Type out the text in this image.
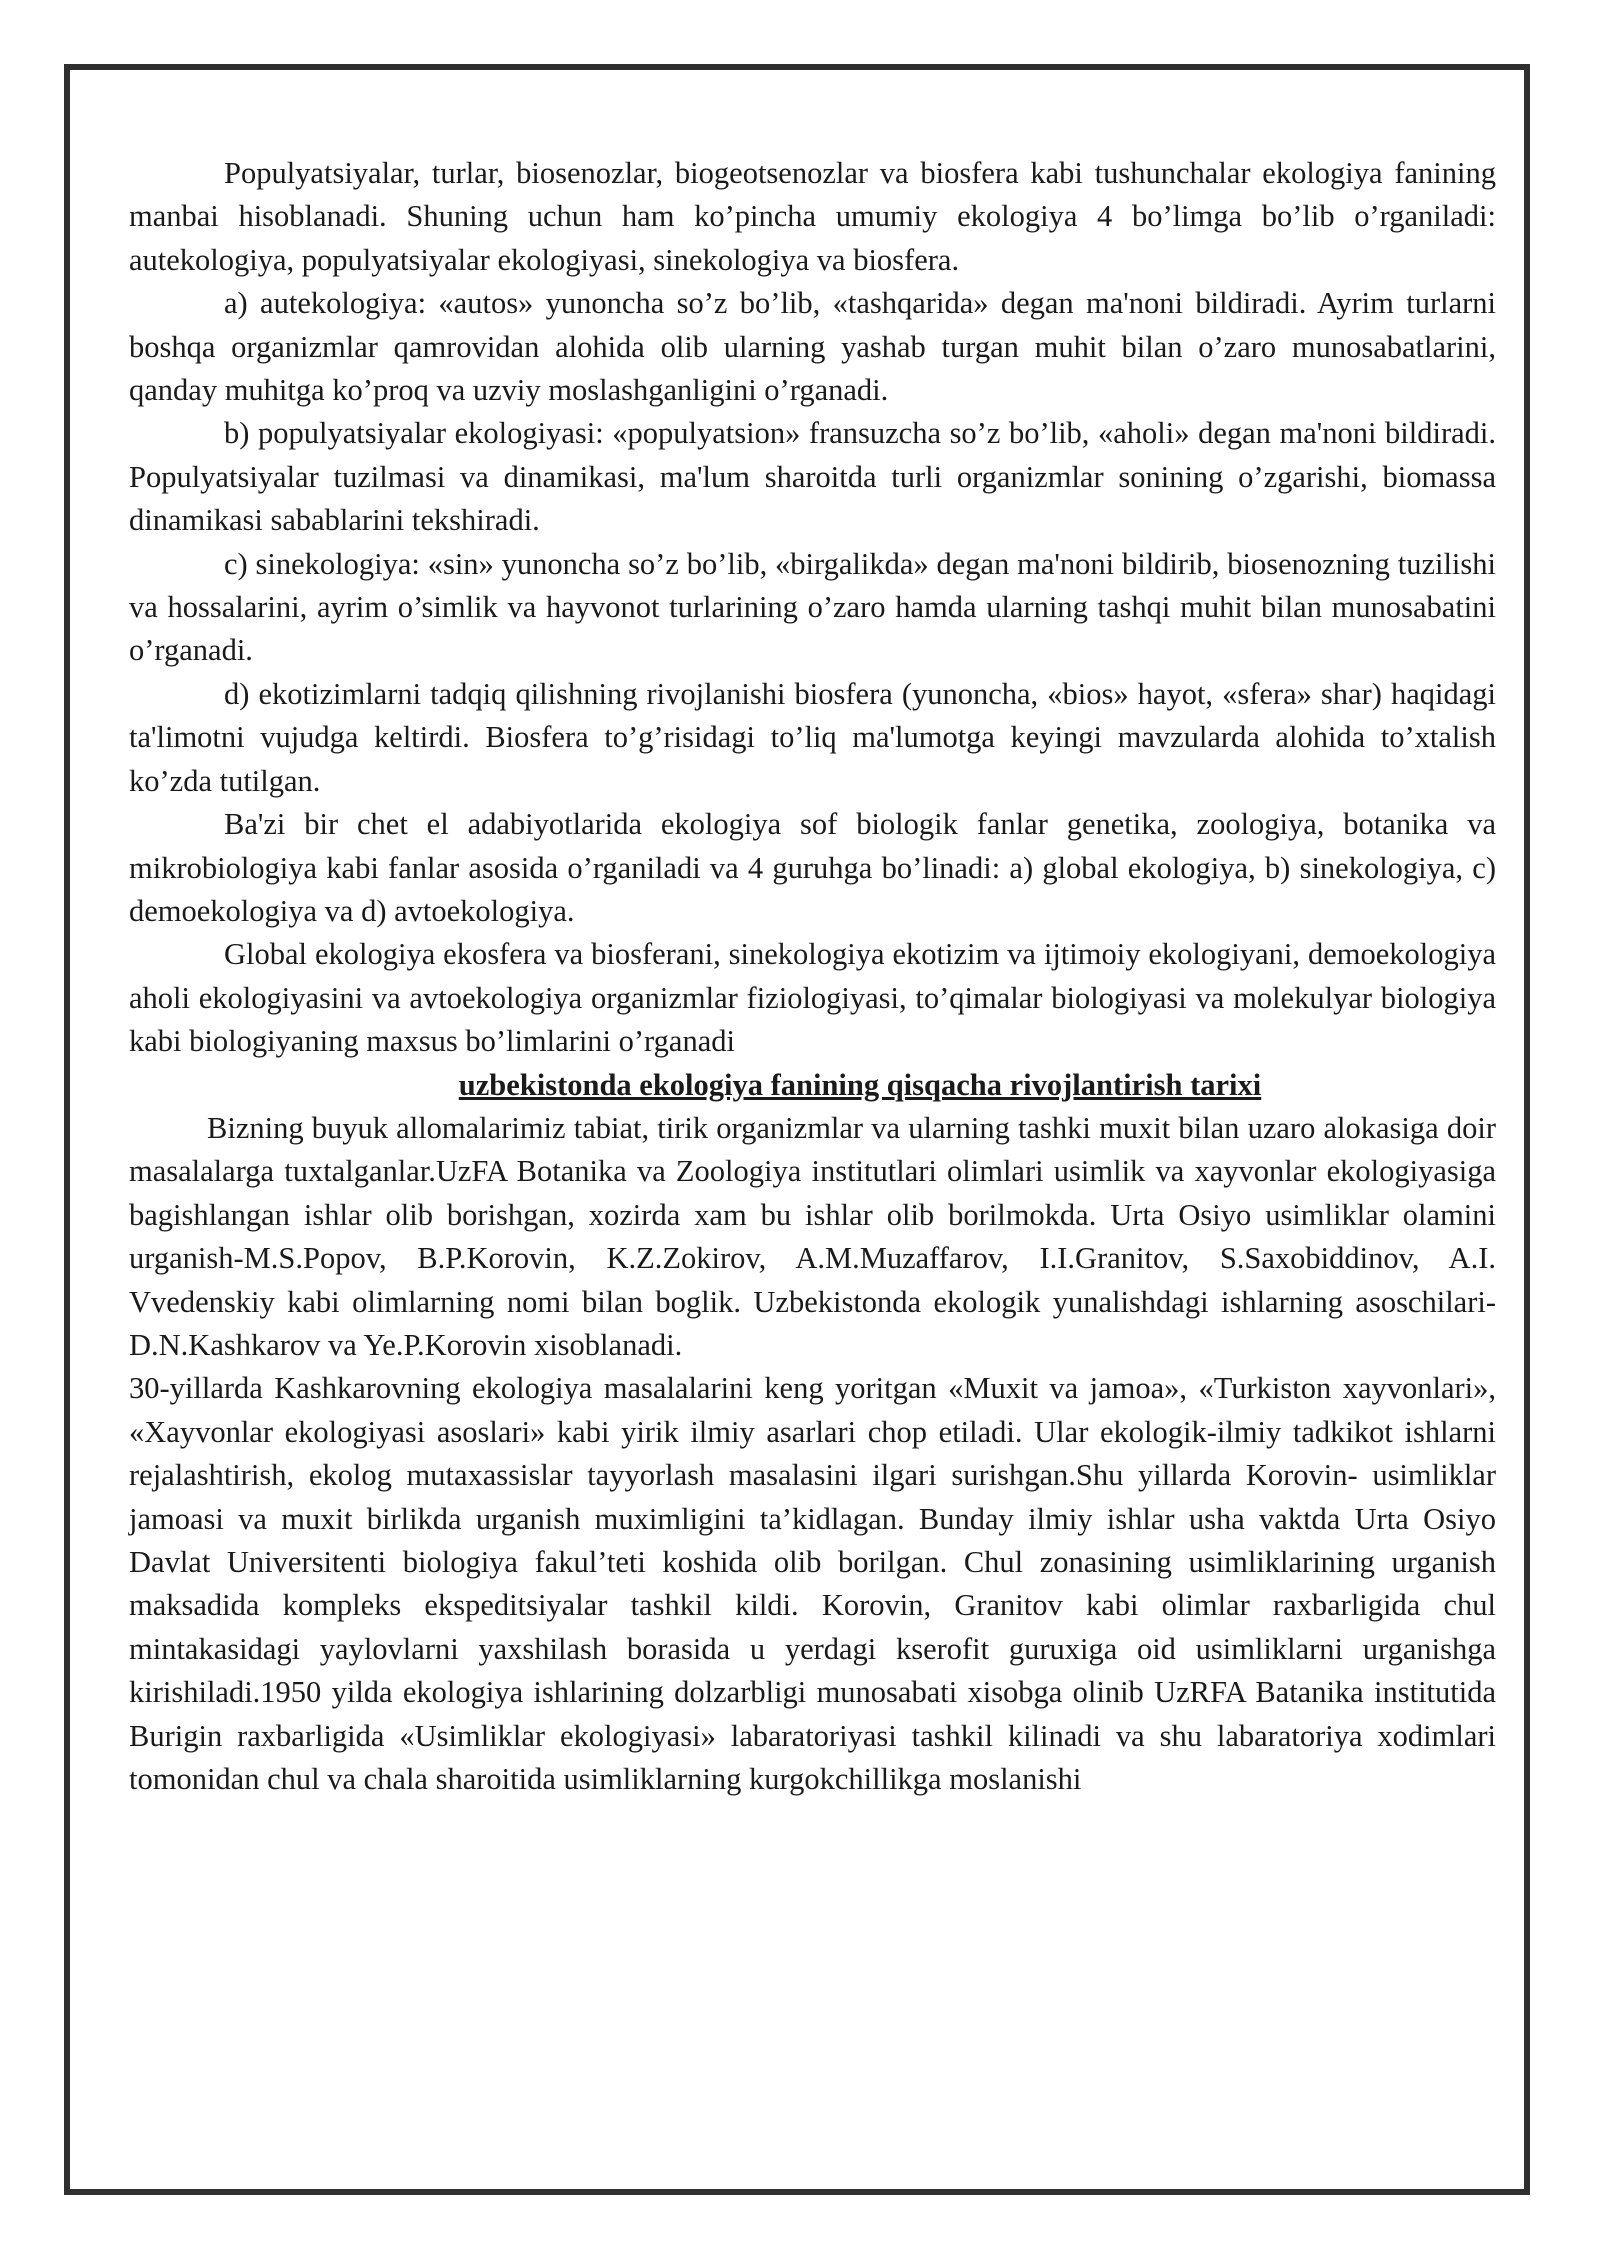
Populyatsiyalar, turlar, biosenozlar, biogeotsenozlar va biosfera kabi tushunchalar ekologiya fanining manbai hisoblanadi. Shuning uchun ham ko’pincha umumiy ekologiya 4 bo’limga bo’lib o’rganiladi: autekologiya, populyatsiyalar ekologiyasi, sinekologiya va biosfera.

a) autekologiya: «autos» yunoncha so’z bo’lib, «tashqarida» degan ma'noni bildiradi. Ayrim turlarni boshqa organizmlar qamrovidan alohida olib ularning yashab turgan muhit bilan o’zaro munosabatlarini, qanday muhitga ko’proq va uzviy moslashganligini o’rganadi.

b) populyatsiyalar ekologiyasi: «populyatsion» fransuzcha so’z bo’lib, «aholi» degan ma'noni bildiradi. Populyatsiyalar tuzilmasi va dinamikasi, ma'lum sharoitda turli organizmlar sonining o’zgarishi, biomassa dinamikasi sabablarini tekshiradi.

c) sinekologiya: «sin» yunoncha so’z bo’lib, «birgalikda» degan ma'noni bildirib, biosenozning tuzilishi va hossalarini, ayrim o’simlik va hayvonot turlarining o’zaro hamda ularning tashqi muhit bilan munosabatini o’rganadi.

d) ekotizimlarni tadqiq qilishning rivojlanishi biosfera (yunoncha, «bios» hayot, «sfera» shar) haqidagi ta'limotni vujudga keltirdi. Biosfera to’g’risidagi to’liq ma'lumotga keyingi mavzularda alohida to’xtalish ko’zda tutilgan.

Ba'zi bir chet el adabiyotlarida ekologiya sof biologik fanlar genetika, zoologiya, botanika va mikrobiologiya kabi fanlar asosida o’rganiladi va 4 guruhga bo’linadi: a) global ekologiya, b) sinekologiya, c) demoekologiya va d) avtoekologiya.

Global ekologiya ekosfera va biosferani, sinekologiya ekotizim va ijtimoiy ekologiyani, demoekologiya aholi ekologiyasini va avtoekologiya organizmlar fiziologiyasi, to’qimalar biologiyasi va molekulyar biologiya kabi biologiyaning maxsus bo’limlarini o’rganadi

uzbekistonda ekologiya fanining qisqacha rivojlantirish tarixi

Bizning buyuk allomalarimiz tabiat, tirik organizmlar va ularning tashki muxit bilan uzaro alokasiga doir masalalarga tuxtalganlar.UzFA Botanika va Zoologiya institutlari olimlari usimlik va xayvonlar ekologiyasiga bagishlangan ishlar olib borishgan, xozirda xam bu ishlar olib borilmokda. Urta Osiyo usimliklar olamini urganish-M.S.Popov, B.P.Korovin, K.Z.Zokirov, A.M.Muzaffarov, I.I.Granitov, S.Saxobiddinov, A.I. Vvedenskiy kabi olimlarning nomi bilan boglik. Uzbekistonda ekologik yunalishdagi ishlarning asoschilari-D.N.Kashkarov va Ye.P.Korovin xisoblanadi.

30-yillarda Kashkarovning ekologiya masalalarini keng yoritgan «Muxit va jamoa», «Turkiston xayvonlari», «Xayvonlar ekologiyasi asoslari» kabi yirik ilmiy asarlari chop etiladi. Ular ekologik-ilmiy tadkikot ishlarni rejalashtirish, ekolog mutaxassislar tayyorlash masalasini ilgari surishgan.Shu yillarda Korovin- usimliklar jamoasi va muxit birlikda urganish muximligini ta’kidlagan. Bunday ilmiy ishlar usha vaktda Urta Osiyo Davlat Universitenti biologiya fakul’teti koshida olib borilgan. Chul zonasining usimliklarining urganish maksadida kompleks ekspeditsiyalar tashkil kildi. Korovin, Granitov kabi olimlar raxbarligida chul mintakasidagi yaylovlarni yaxshilash borasida u yerdagi kserofit guruxiga oid usimliklarni urganishga kirishiladi.1950 yilda ekologiya ishlarining dolzarbligi munosabati xisobga olinib UzRFA Batanika institutida Burigin raxbarligida «Usimliklar ekologiyasi» labaratoriyasi tashkil kilinadi va shu labaratoriya xodimlari tomonidan chul va chala sharoitida usimliklarning kurgokchillikga moslanishi
